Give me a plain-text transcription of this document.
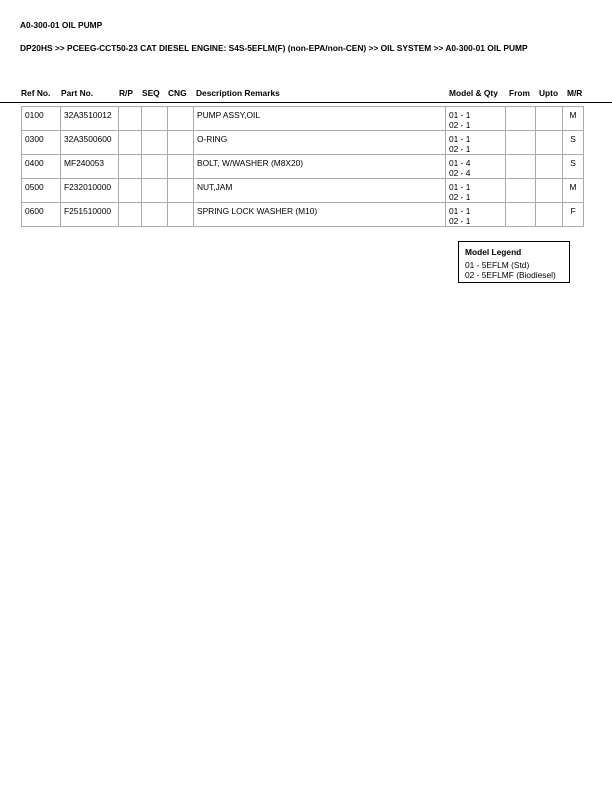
A0-300-01 OIL PUMP
DP20HS >> PCEEG-CCT50-23 CAT DIESEL ENGINE: S4S-5EFLM(F) (non-EPA/non-CEN) >> OIL SYSTEM >> A0-300-01 OIL PUMP
Ref No. Part No.	R/P SEQ CNG Description Remarks	Model & Qty From Upto M/R
0100	32A3510012				PUMP ASSY,OIL	01 - 1
02 - 1			M
0300	32A3500600				O-RING	01 - 1
02 - 1			S
0400	MF240053				BOLT, W/WASHER (M8X20)	01 - 4
02 - 4			S
0500	F232010000				NUT,JAM	01 - 1
02 - 1			M
0600	F251510000				SPRING LOCK WASHER (M10)	01 - 1
02 - 1			F
Model Legend
01 - 5EFLM (Std)
02 - 5EFLMF (Biodiesel)
